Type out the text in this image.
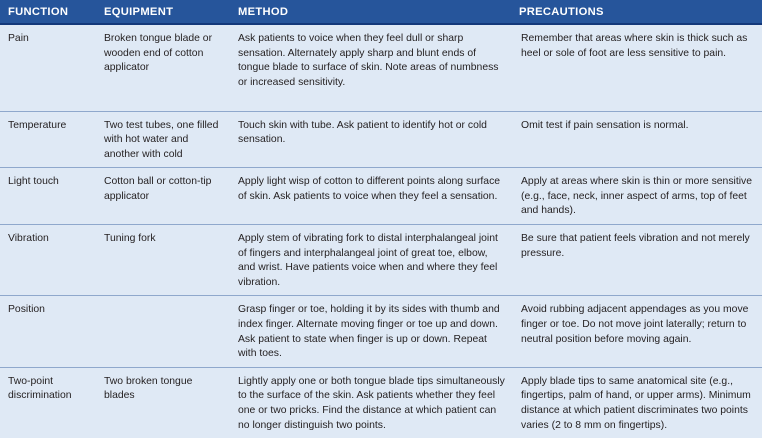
FUNCTION	EQUIPMENT	METHOD	PRECAUTIONS
Pain	Broken tongue blade or wooden end of cotton applicator	Ask patients to voice when they feel dull or sharp sensation. Alternately apply sharp and blunt ends of tongue blade to surface of skin. Note areas of numbness or increased sensitivity.	Remember that areas where skin is thick such as heel or sole of foot are less sensitive to pain.
Temperature	Two test tubes, one filled with hot water and another with cold	Touch skin with tube. Ask patient to identify hot or cold sensation.	Omit test if pain sensation is normal.
Light touch	Cotton ball or cotton-tip applicator	Apply light wisp of cotton to different points along surface of skin. Ask patients to voice when they feel a sensation.	Apply at areas where skin is thin or more sensitive (e.g., face, neck, inner aspect of arms, top of feet and hands).
Vibration	Tuning fork	Apply stem of vibrating fork to distal interphalangeal joint of fingers and interphalangeal joint of great toe, elbow, and wrist. Have patients voice when and where they feel vibration.	Be sure that patient feels vibration and not merely pressure.
Position		Grasp finger or toe, holding it by its sides with thumb and index finger. Alternate moving finger or toe up and down. Ask patient to state when finger is up or down. Repeat with toes.	Avoid rubbing adjacent appendages as you move finger or toe. Do not move joint laterally; return to neutral position before moving again.
Two-point discrimination	Two broken tongue blades	Lightly apply one or both tongue blade tips simultaneously to the surface of the skin. Ask patients whether they feel one or two pricks. Find the distance at which patient can no longer distinguish two points.	Apply blade tips to same anatomical site (e.g., fingertips, palm of hand, or upper arms). Minimum distance at which patient discriminates two points varies (2 to 8 mm on fingertips).
